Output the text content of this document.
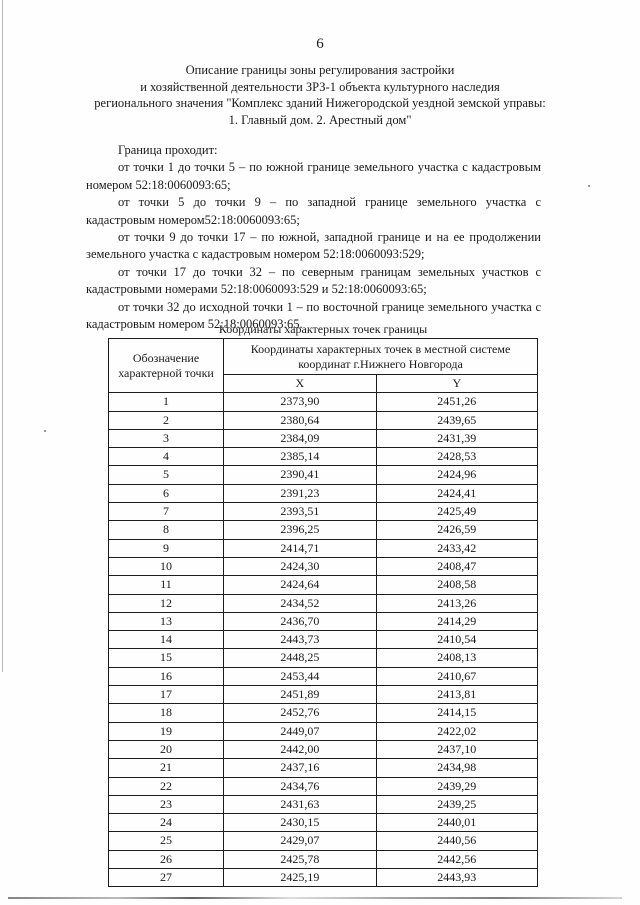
6
Описание границы зоны регулирования застройки
и хозяйственной деятельности ЗРЗ-1 объекта культурного наследия
регионального значения "Комплекс зданий Нижегородской уездной земской управы:
1. Главный дом. 2. Арестный дом"

Граница проходит:

от точки 1 до точки 5 – по южной границе земельного участка с кадастровым номером 52:18:0060093:65;

от точки 5 до точки 9 – по западной границе земельного участка с кадастровым номером52:18:0060093:65;

от точки 9 до точки 17 – по южной, западной границе и на ее продолжении земельного участка с кадастровым номером 52:18:0060093:529;

от точки 17 до точки 32 – по северным границам земельных участков с кадастровыми номерами 52:18:0060093:529 и 52:18:0060093:65;

от точки 32 до исходной точки 1 – по восточной границе земельного участка с кадастровым номером 52:18:0060093:65.

Координаты характерных точек границы
Обозначение характерной точки	Координаты характерных точек в местной системе координат г.Нижнего Новгорода	
	X	Y
1	2373,90	2451,26
2	2380,64	2439,65
3	2384,09	2431,39
4	2385,14	2428,53
5	2390,41	2424,96
6	2391,23	2424,41
7	2393,51	2425,49
8	2396,25	2426,59
9	2414,71	2433,42
10	2424,30	2408,47
11	2424,64	2408,58
12	2434,52	2413,26
13	2436,70	2414,29
14	2443,73	2410,54
15	2448,25	2408,13
16	2453,44	2410,67
17	2451,89	2413,81
18	2452,76	2414,15
19	2449,07	2422,02
20	2442,00	2437,10
21	2437,16	2434,98
22	2434,76	2439,29
23	2431,63	2439,25
24	2430,15	2440,01
25	2429,07	2440,56
26	2425,78	2442,56
27	2425,19	2443,93
